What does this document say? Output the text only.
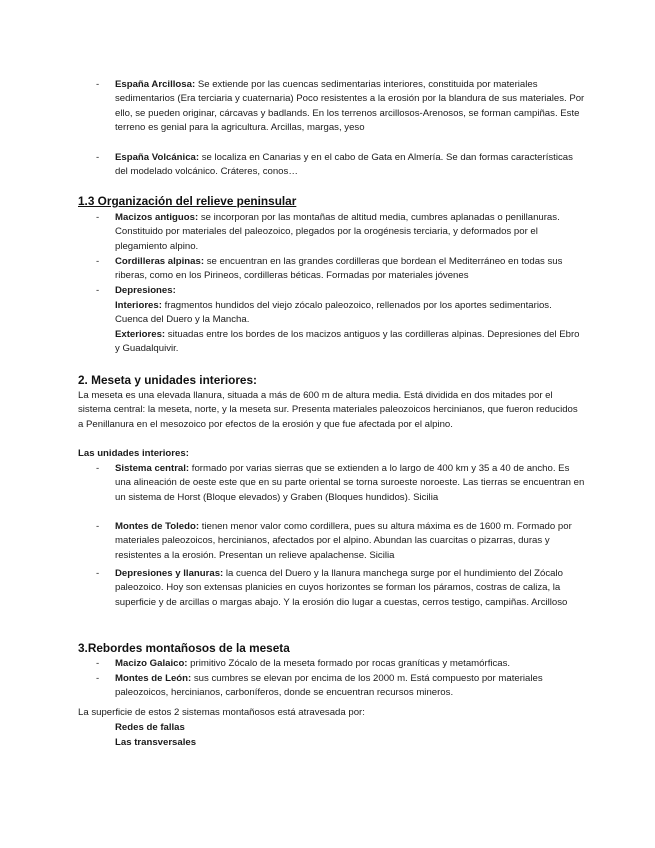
- España Arcillosa: Se extiende por las cuencas sedimentarias interiores, constituida por materiales sedimentarios (Era terciaria y cuaternaria) Poco resistentes a la erosión por la blandura de sus materiales. Por ello, se pueden originar, cárcavas y badlands. En los terrenos arcillosos-Arenosos, se forman campiñas. Este terreno es genial para la agricultura. Arcillas, margas, yeso
- España Volcánica: se localiza en Canarias y en el cabo de Gata en Almería. Se dan formas características del modelado volcánico. Cráteres, conos…
1.3 Organización del relieve peninsular
- Macizos antiguos: se incorporan por las montañas de altitud media, cumbres aplanadas o penillanuras. Constituido por materiales del paleozoico, plegados por la orogénesis terciaria, y deformados por el plegamiento alpino.
- Cordilleras alpinas: se encuentran en las grandes cordilleras que bordean el Mediterráneo en todas sus riberas, como en los Pirineos, cordilleras béticas. Formadas por materiales jóvenes
- Depresiones:
Interiores: fragmentos hundidos del viejo zócalo paleozoico, rellenados por los aportes sedimentarios. Cuenca del Duero y la Mancha.
Exteriores: situadas entre los bordes de los macizos antiguos y las cordilleras alpinas. Depresiones del Ebro y Guadalquivir.
2. Meseta y unidades interiores:
La meseta es una elevada llanura, situada a más de 600 m de altura media. Está dividida en dos mitades por el sistema central: la meseta, norte, y la meseta sur. Presenta materiales paleozoicos hercinianos, que fueron reducidos a Penillanura en el mesozoico por efectos de la erosión y que fue afectada por el alpino.
Las unidades interiores:
- Sistema central: formado por varias sierras que se extienden a lo largo de 400 km y 35 a 40 de ancho. Es una alineación de oeste este que en su parte oriental se torna suroeste noroeste. Las tierras se encuentran en un sistema de Horst (Bloque elevados) y Graben (Bloques hundidos). Sicilia
- Montes de Toledo: tienen menor valor como cordillera, pues su altura máxima es de 1600 m. Formado por materiales paleozoicos, hercinianos, afectados por el alpino. Abundan las cuarcitas o pizarras, duras y resistentes a la erosión. Presentan un relieve apalachense. Sicilia
- Depresiones y llanuras: la cuenca del Duero y la llanura manchega surge por el hundimiento del Zócalo paleozoico. Hoy son extensas planicies en cuyos horizontes se forman los páramos, costras de caliza, la superficie y de arcillas o margas abajo. Y la erosión dio lugar a cuestas, cerros testigo, campiñas. Arcilloso
3.Rebordes montañosos de la meseta
- Macizo Galaico: primitivo Zócalo de la meseta formado por rocas graníticas y metamórficas.
- Montes de León: sus cumbres se elevan por encima de los 2000 m. Está compuesto por materiales paleozoicos, hercinianos, carboníferos, donde se encuentran recursos mineros.
La superficie de estos 2 sistemas montañosos está atravesada por:
Redes de fallas
Las transversales
